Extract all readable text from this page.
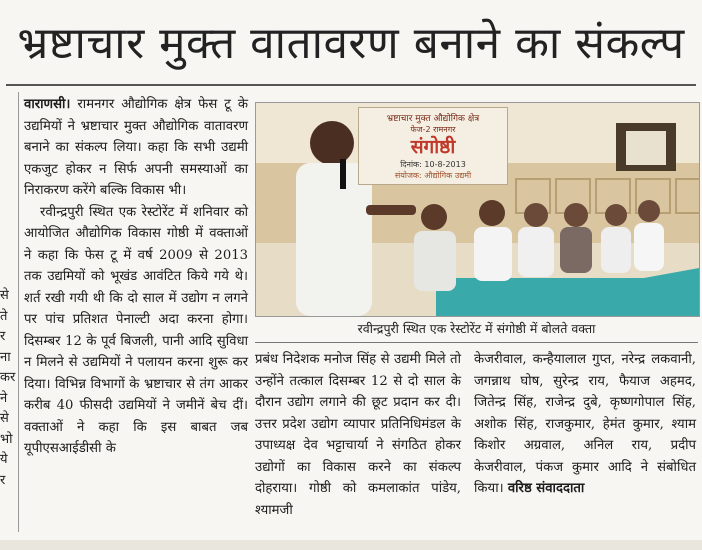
भ्रष्टाचार मुक्त वातावरण बनाने का संकल्प
से
ते
र
ना
कर
ने
से
भो
ये
र

वाराणसी। रामनगर औद्योगिक क्षेत्र फेस टू के उद्यमियों ने भ्रष्टाचार मुक्त औद्योगिक वातावरण बनाने का संकल्प लिया। कहा कि सभी उद्यमी एकजुट होकर न सिर्फ अपनी समस्याओं का निराकरण करेंगे बल्कि विकास भी।

रवीन्द्रपुरी स्थित एक रेस्टोरेंट में शनिवार को आयोजित औद्योगिक विकास गोष्ठी में वक्ताओं ने कहा कि फेस टू में वर्ष 2009 से 2013 तक उद्यमियों को भूखंड आवंटित किये गये थे। शर्त रखी गयी थी कि दो साल में उद्योग न लगने पर पांच प्रतिशत पेनाल्टी अदा करना होगा। दिसम्बर 12 के पूर्व बिजली, पानी आदि सुविधा न मिलने से उद्यमियों ने पलायन करना शुरू कर दिया। विभिन्न विभागों के भ्रष्टाचार से तंग आकर करीब 40 फीसदी उद्यमियों ने जमीनें बेच दीं। वक्ताओं ने कहा कि इस बाबत जब यूपीएसआईडीसी के

भ्रष्टाचार मुक्त औद्योगिक क्षेत्र
फेज-2 रामनगर
संगोष्ठी
दिनांक: 10-8-2013
संयोजक: औद्योगिक उद्यमी
रवीन्द्रपुरी स्थित एक रेस्टोरेंट में संगोष्ठी में बोलते वक्ता

प्रबंध निदेशक मनोज सिंह से उद्यमी मिले तो उन्होंने तत्काल दिसम्बर 12 से दो साल के दौरान उद्योग लगाने की छूट प्रदान कर दी। उत्तर प्रदेश उद्योग व्यापार प्रतिनिधिमंडल के उपाध्यक्ष देव भट्टाचार्या ने संगठित होकर उद्योगों का विकास करने का संकल्प दोहराया। गोष्ठी को कमलाकांत पांडेय, श्यामजी

केजरीवाल, कन्हैयालाल गुप्त, नरेन्द्र लकवानी, जगन्नाथ घोष, सुरेन्द्र राय, फैयाज अहमद, जितेन्द्र सिंह, राजेन्द्र दुबे, कृष्णगोपाल सिंह, अशोक सिंह, राजकुमार, हेमंत कुमार, श्याम किशोर अग्रवाल, अनिल राय, प्रदीप केजरीवाल, पंकज कुमार आदि ने संबोधित किया। वरिष्ठ संवाददाता
